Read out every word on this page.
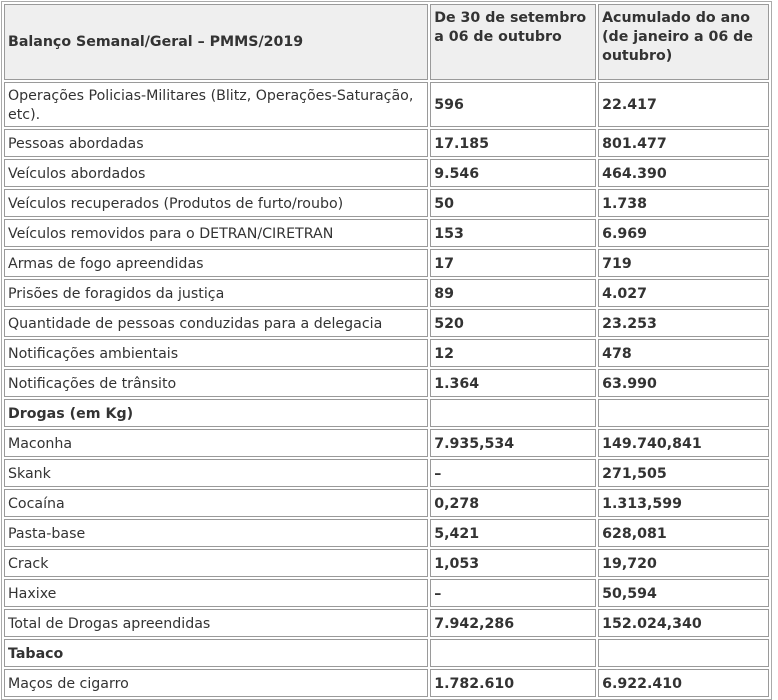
Balanço Semanal/Geral – PMMS/2019	De 30 de setembro a 06 de outubro	Acumulado do ano (de janeiro a 06 de outubro)
Operações Policias-Militares (Blitz, Operações-Saturação, etc).	596	22.417
Pessoas abordadas	17.185	801.477
Veículos abordados	9.546	464.390
Veículos recuperados (Produtos de furto/roubo)	50	1.738
Veículos removidos para o DETRAN/CIRETRAN	153	6.969
Armas de fogo apreendidas	17	719
Prisões de foragidos da justiça	89	4.027
Quantidade de pessoas conduzidas para a delegacia	520	23.253
Notificações ambientais	12	478
Notificações de trânsito	1.364	63.990
Drogas (em Kg)		
Maconha	7.935,534	149.740,841
Skank	–	271,505
Cocaína	0,278	1.313,599
Pasta-base	5,421	628,081
Crack	1,053	19,720
Haxixe	–	50,594
Total de Drogas apreendidas	7.942,286	152.024,340
Tabaco		
Maços de cigarro	1.782.610	6.922.410
